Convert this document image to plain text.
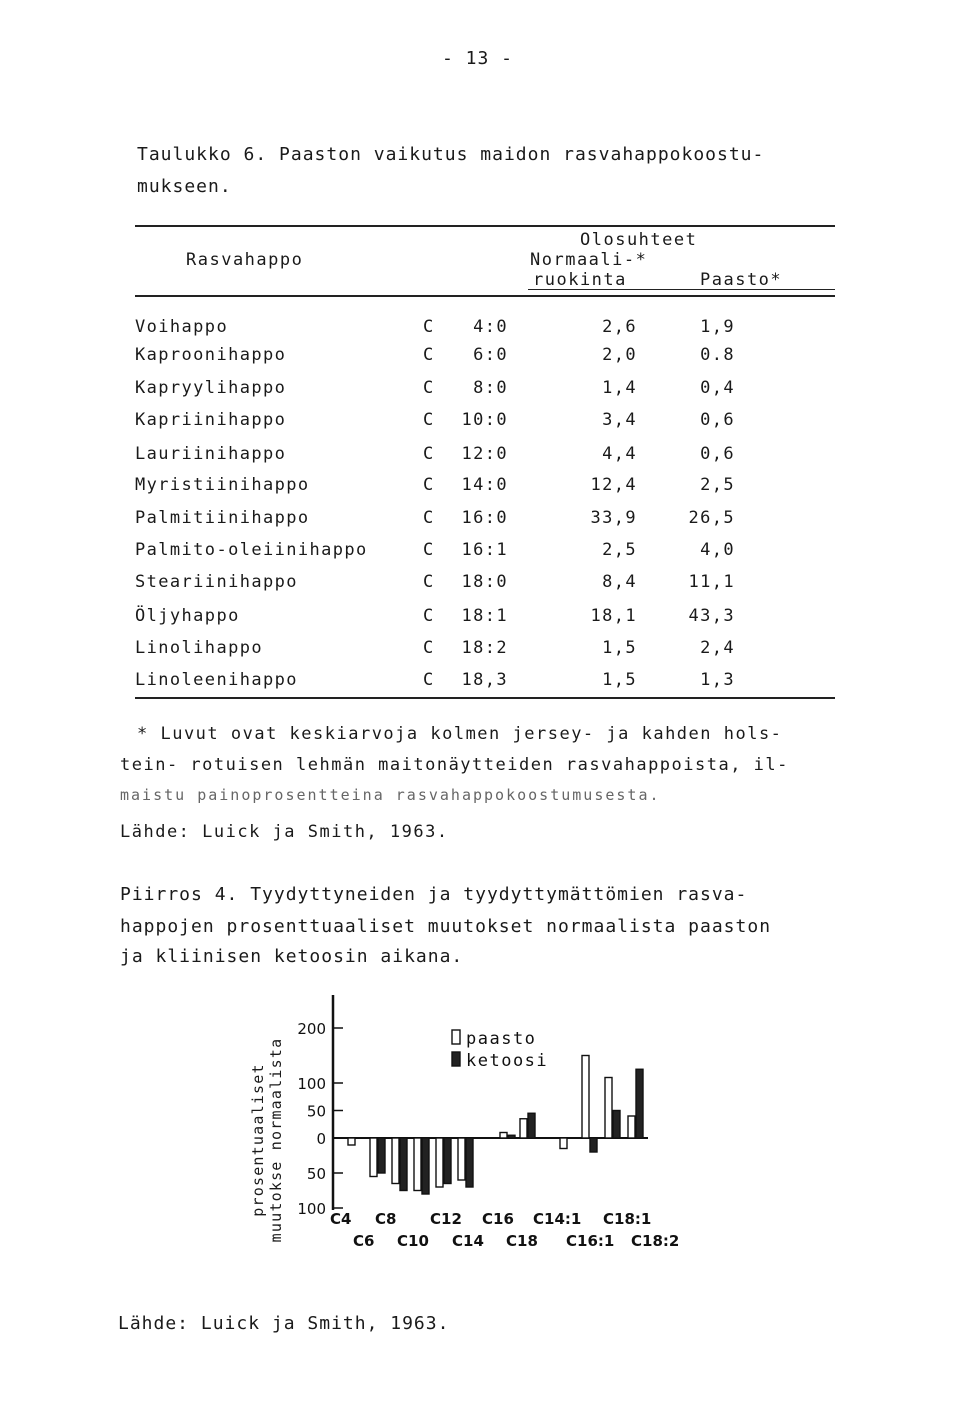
- 13 -
Taulukko 6. Paaston vaikutus maidon rasvahappokoostu-
mukseen.
Rasvahappo
Olosuhteet
Normaali-*
ruokinta	Paasto*
Voihappo	C	4:0	2,6	1,9
Kaproonihappo	C	6:0	2,0	0.8
Kapryylihappo	C	8:0	1,4	0,4
Kapriinihappo	C	10:0	3,4	0,6
Lauriinihappo	C	12:0	4,4	0,6
Myristiinihappo	C	14:0	12,4	2,5
Palmitiinihappo	C	16:0	33,9	26,5
Palmito-oleiinihappo	C	16:1	2,5	4,0
Steariinihappo	C	18:0	8,4	11,1
Öljyhappo	C	18:1	18,1	43,3
Linolihappo	C	18:2	1,5	2,4
Linoleenihappo	C	18,3	1,5	1,3
* Luvut ovat keskiarvoja kolmen jersey- ja kahden hols-
tein- rotuisen lehmän maitonäytteiden rasvahappoista, il-
maistu painoprosentteina rasvahappokoostumusesta.
Lähde: Luick ja Smith, 1963.
Piirros 4. Tyydyttyneiden ja tyydyttymättömien rasva-
happojen prosenttuaaliset muutokset normaalista paaston
ja kliinisen ketoosin aikana.
prosentuaaliset muutokse normaalista
200
100
50
0
50
100
paasto
ketoosi
C4 C8 C12 C16 C14:1 C18:1
C6 C10 C14 C18 C16:1 C18:2
Lähde: Luick ja Smith, 1963.
